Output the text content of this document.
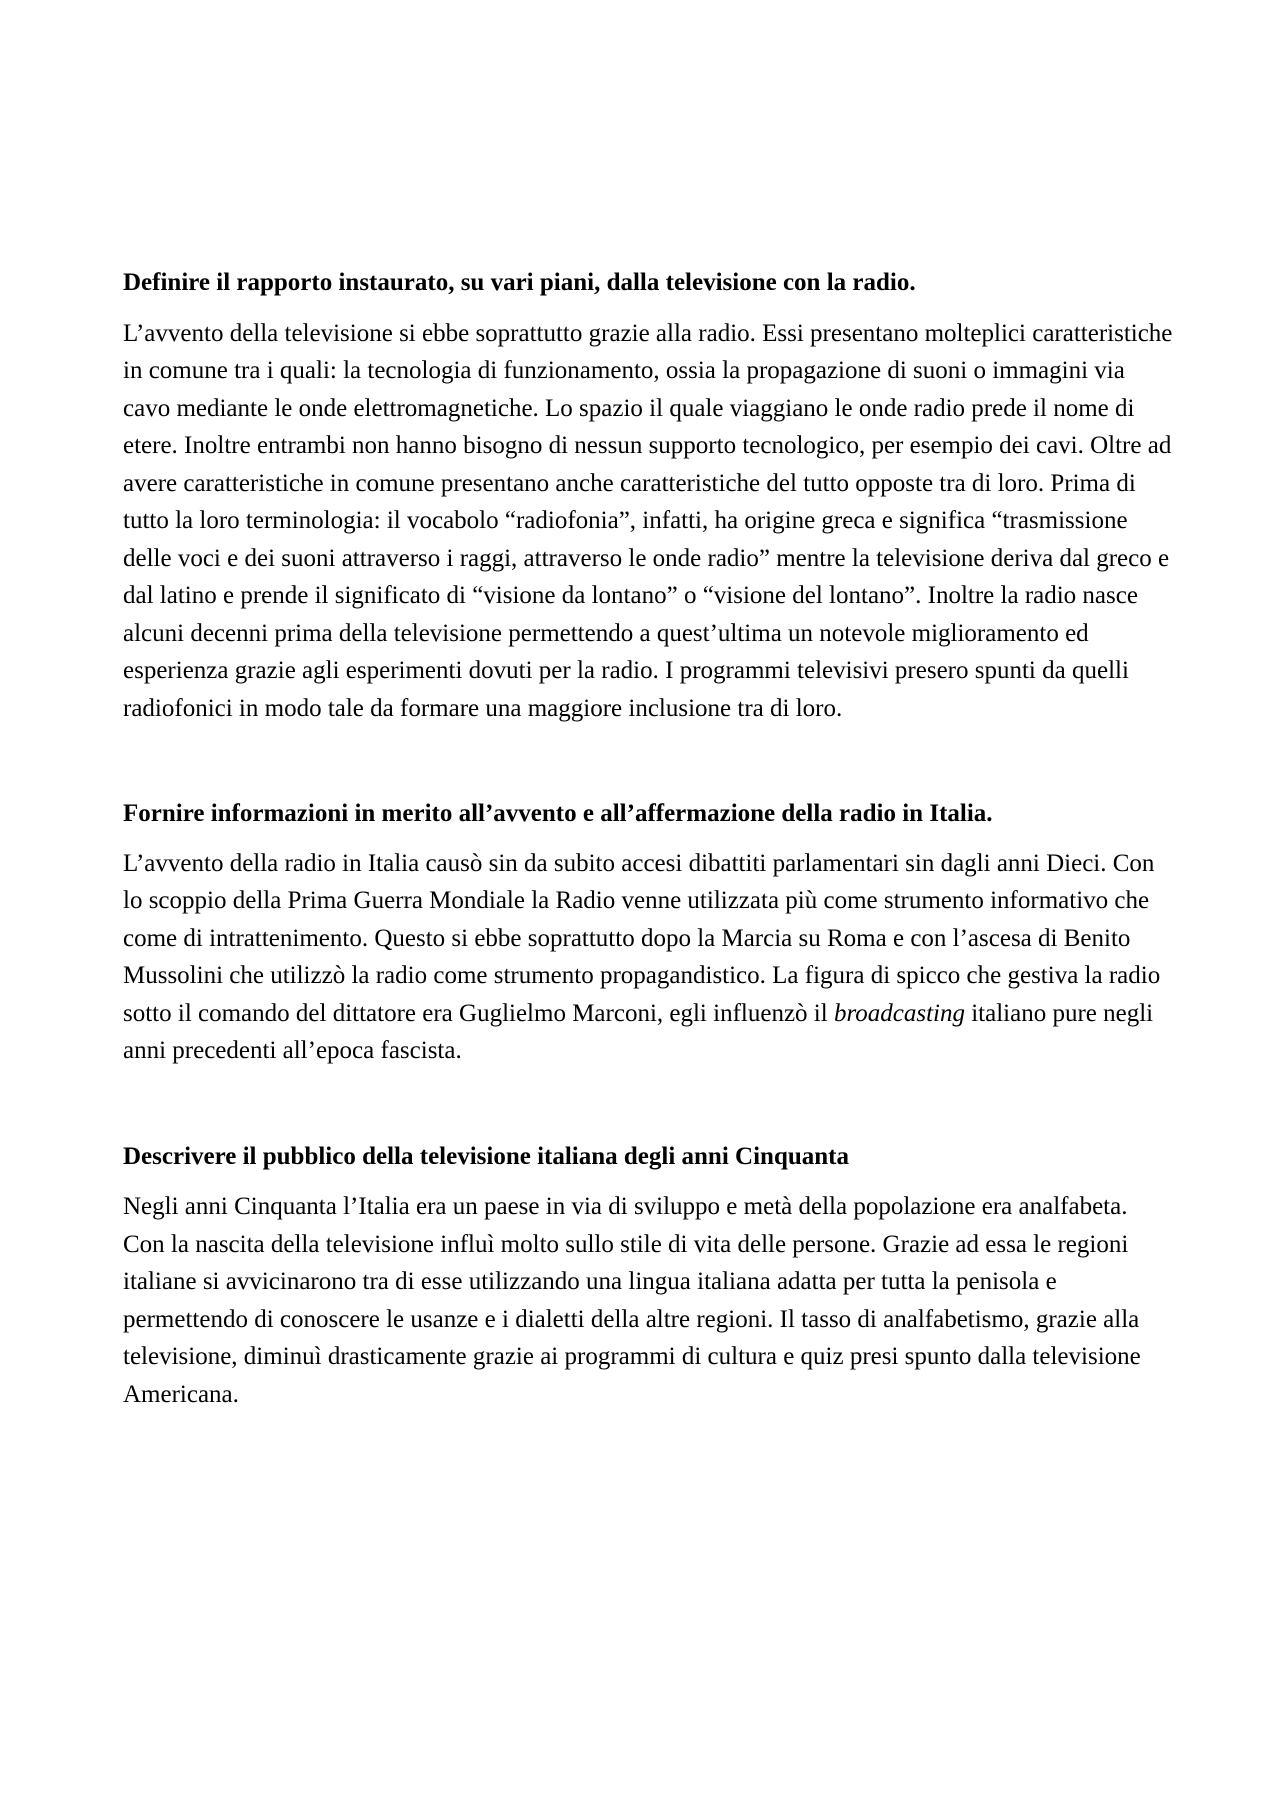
Definire il rapporto instaurato, su vari piani, dalla televisione con la radio.

L’avvento della televisione si ebbe soprattutto grazie alla radio. Essi presentano molteplici caratteristiche in comune tra i quali: la tecnologia di funzionamento, ossia la propagazione di suoni o immagini via cavo mediante le onde elettromagnetiche. Lo spazio il quale viaggiano le onde radio prede il nome di etere. Inoltre entrambi non hanno bisogno di nessun supporto tecnologico, per esempio dei cavi. Oltre ad avere caratteristiche in comune presentano anche caratteristiche del tutto opposte tra di loro. Prima di tutto la loro terminologia: il vocabolo “radiofonia”, infatti, ha origine greca e significa “trasmissione delle voci e dei suoni attraverso i raggi, attraverso le onde radio” mentre la televisione deriva dal greco e dal latino e prende il significato di “visione da lontano” o “visione del lontano”. Inoltre la radio nasce alcuni decenni prima della televisione permettendo a quest’ultima un notevole miglioramento ed esperienza grazie agli esperimenti dovuti per la radio. I programmi televisivi presero spunti da quelli radiofonici in modo tale da formare una maggiore inclusione tra di loro.

Fornire informazioni in merito all’avvento e all’affermazione della radio in Italia.

L’avvento della radio in Italia causò sin da subito accesi dibattiti parlamentari sin dagli anni Dieci. Con lo scoppio della Prima Guerra Mondiale la Radio venne utilizzata più come strumento informativo che come di intrattenimento. Questo si ebbe soprattutto dopo la Marcia su Roma e con l’ascesa di Benito Mussolini che utilizzò la radio come strumento propagandistico. La figura di spicco che gestiva la radio sotto il comando del dittatore era Guglielmo Marconi, egli influenzò il broadcasting italiano pure negli anni precedenti all’epoca fascista.

Descrivere il pubblico della televisione italiana degli anni Cinquanta

Negli anni Cinquanta l’Italia era un paese in via di sviluppo e metà della popolazione era analfabeta. Con la nascita della televisione influì molto sullo stile di vita delle persone. Grazie ad essa le regioni italiane si avvicinarono tra di esse utilizzando una lingua italiana adatta per tutta la penisola e permettendo di conoscere le usanze e i dialetti della altre regioni. Il tasso di analfabetismo, grazie alla televisione, diminuì drasticamente grazie ai programmi di cultura e quiz presi spunto dalla televisione Americana.
